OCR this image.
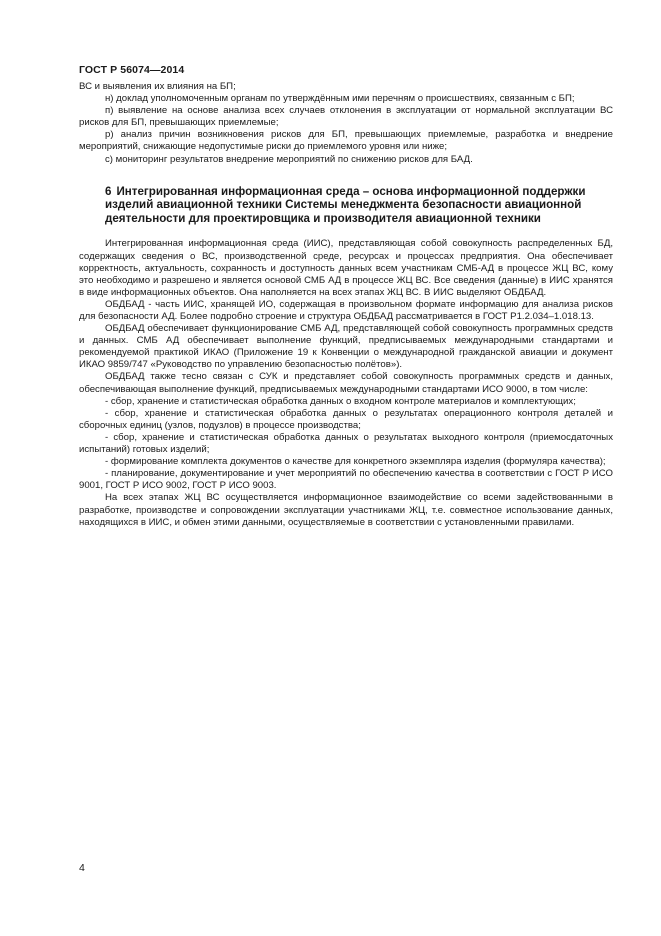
ГОСТ Р 56074—2014

ВС и выявления их влияния на БП;

н) доклад уполномоченным органам по утверждённым ими перечням о происшествиях, связанным с БП;

п) выявление на основе анализа всех случаев отклонения в эксплуатации от нормальной эксплуатации ВС рисков для БП, превышающих приемлемые;

р) анализ причин возникновения рисков для БП, превышающих приемлемые, разработка и внедрение мероприятий, снижающие недопустимые риски до приемлемого уровня или ниже;

с) мониторинг результатов внедрение мероприятий по снижению рисков для БАД.

6 Интегрированная информационная среда – основа информационной поддержки изделий авиационной техники Системы менеджмента безопасности авиационной деятельности для проектировщика и производителя авиационной техники

Интегрированная информационная среда (ИИС), представляющая собой совокупность распределенных БД, содержащих сведения о ВС, производственной среде, ресурсах и процессах предприятия. Она обеспечивает корректность, актуальность, сохранность и доступность данных всем участникам СМБ-АД в процессе ЖЦ ВС, кому это необходимо и разрешено и является основой СМБ АД в процессе ЖЦ ВС. Все сведения (данные) в ИИС хранятся в виде информационных объектов. Она наполняется на всех этапах ЖЦ ВС. В ИИС выделяют ОБДБАД.

ОБДБАД - часть ИИС, хранящей ИО, содержащая в произвольном формате информацию для анализа рисков для безопасности АД. Более подробно строение и структура ОБДБАД рассматривается в ГОСТ Р1.2.034–1.018.13.

ОБДБАД обеспечивает функционирование СМБ АД, представляющей собой совокупность программных средств и данных. СМБ АД обеспечивает выполнение функций, предписываемых международными стандартами и рекомендуемой практикой ИКАО (Приложение 19 к Конвенции о международной гражданской авиации и документ ИКАО 9859/747 «Руководство по управлению безопасностью полётов»).

ОБДБАД также тесно связан с СУК и представляет собой совокупность программных средств и данных, обеспечивающая выполнение функций, предписываемых международными стандартами ИСО 9000, в том числе:

- сбор, хранение и статистическая обработка данных о входном контроле материалов и комплектующих;

- сбор, хранение и статистическая обработка данных о результатах операционного контроля деталей и сборочных единиц (узлов, подузлов) в процессе производства;

- сбор, хранение и статистическая обработка данных о результатах выходного контроля (приемосдаточных испытаний) готовых изделий;

- формирование комплекта документов о качестве для конкретного экземпляра изделия (формуляра качества);

- планирование, документирование и учет мероприятий по обеспечению качества в соответствии с ГОСТ Р ИСО 9001, ГОСТ Р ИСО 9002, ГОСТ Р ИСО 9003.

На всех этапах ЖЦ ВС осуществляется информационное взаимодействие со всеми задействованными в разработке, производстве и сопровождении эксплуатации участниками ЖЦ, т.е. совместное использование данных, находящихся в ИИС, и обмен этими данными, осуществляемые в соответствии с установленными правилами.

4
